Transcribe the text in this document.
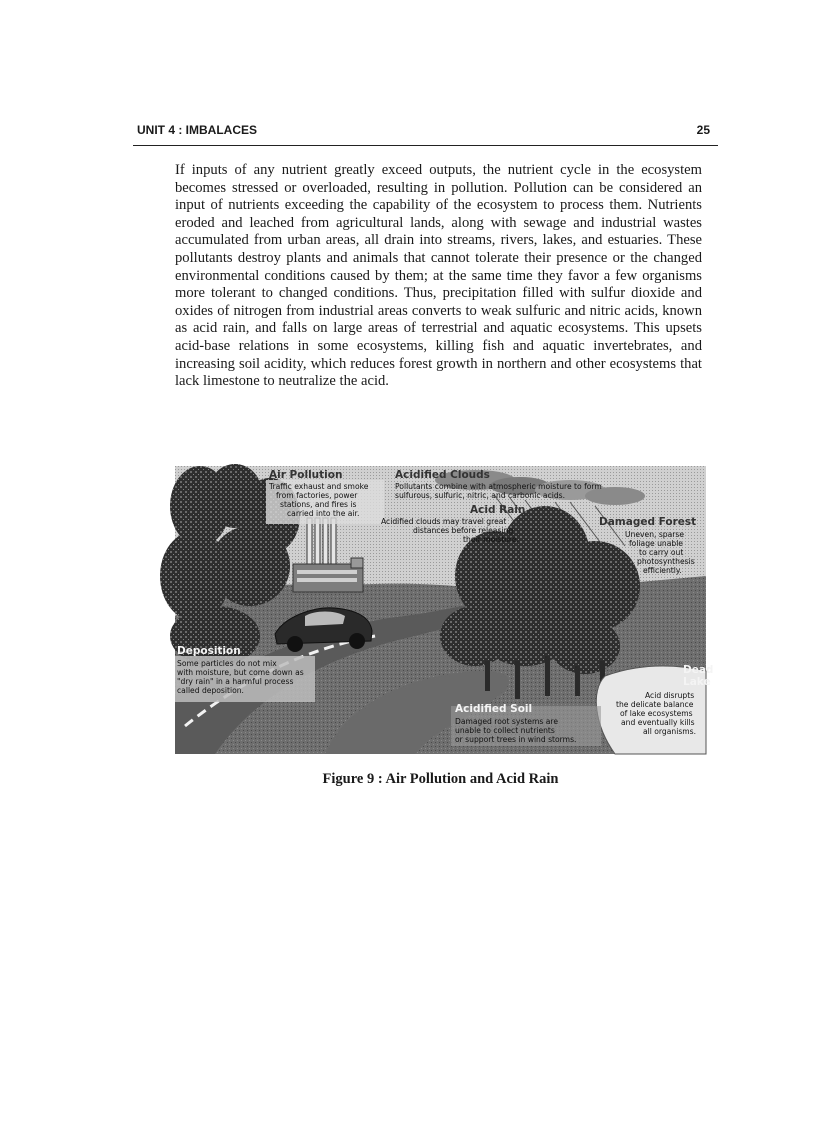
UNIT 4 : IMBALACES	25

If inputs of any nutrient greatly exceed outputs, the nutrient cycle in the ecosystem becomes stressed or overloaded, resulting in pollution. Pollution can be considered an input of nutrients exceeding the capability of the ecosystem to process them. Nutrients eroded and leached from agricultural lands, along with sewage and industrial wastes accumulated from urban areas, all drain into streams, rivers, lakes, and estuaries. These pollutants destroy plants and animals that cannot tolerate their presence or the changed environmental conditions caused by them; at the same time they favor a few organisms more tolerant to changed conditions. Thus, precipitation filled with sulfur dioxide and oxides of nitrogen from industrial areas converts to weak sulfuric and nitric acids, known as acid rain, and falls on large areas of terrestrial and aquatic ecosystems. This upsets acid-base relations in some ecosystems, killing fish and aquatic invertebrates, and increasing soil acidity, which reduces forest growth in northern and other ecosystems that lack limestone to neutralize the acid.

Air Pollution
Traffic exhaust and smoke
from factories, power
stations, and fires is
carried into the air.
Acidified Clouds
Pollutants combine with atmospheric moisture to form
sulfurous, sulfuric, nitric, and carbonic acids.
Acid Rain
Acidified clouds may travel great
distances before releasing
their moisture.
Damaged Forest
Uneven, sparse
foliage unable
to carry out
photosynthesis
efficiently.
Deposition
Some particles do not mix
with moisture, but come down as
"dry rain" in a harmful process
called deposition.
Acidified Soil
Damaged root systems are
unable to collect nutrients
or support trees in wind storms.
Dead
Lake
Acid disrupts
the delicate balance
of lake ecosystems
and eventually kills
all organisms.
Figure 9 : Air Pollution and Acid Rain
